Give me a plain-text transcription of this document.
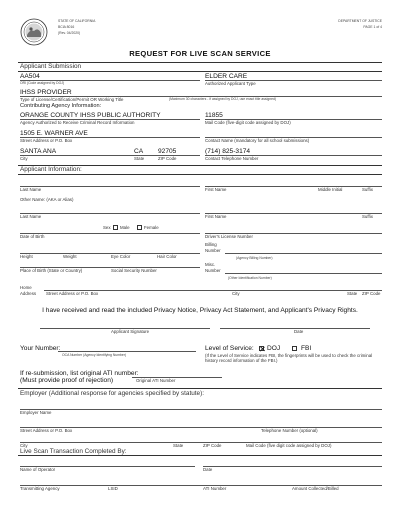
STATE OF CALIFORNIA
BCIA 8016
(Rev. 04/2020)
DEPARTMENT OF JUSTICE
PAGE 1 of 4
REQUEST FOR LIVE SCAN SERVICE
Applicant Submission
AA504
ORI (Code assigned by DOJ)
ELDER CARE
Authorized Applicant Type
IHSS PROVIDER
Type of License/Certification/Permit OR Working Title	(Maximum 30 characters - if assigned by DOJ, use exact title assigned)
Contributing Agency Information:
ORANGE COUNTY IHSS PUBLIC AUTHORITY
Agency Authorized to Receive Criminal Record Information
11855
Mail Code (five-digit code assigned by DOJ)
1505 E. WARNER AVE
Street Address or P.O. Box	Contact Name (mandatory for all school submissions)
SANTA ANA	CA 92705
City	State	ZIP Code
(714) 825-3174
Contact Telephone Number
Applicant Information:
Last Name	First Name	Middle Initial	Suffix
Other Name: (AKA or Alias)
Last Name	First Name	Suffix
Sex Male	Female
Date of Birth	Driver's License Number
Billing
Number
(Agency Billing Number)
Height	Weight	Eye Color	Hair Color
Misc.
Number
(Other Identification Number)
Place of Birth (State or Country)	Social Security Number
Home
Address Street Address or P.O. Box	City	State ZIP Code
I have received and read the included Privacy Notice, Privacy Act Statement, and Applicant's Privacy Rights.
Applicant Signature	Date
Your Number:
OCA Number (Agency Identifying Number)
Level of Service: DOJ	FBI
(If the Level of Service indicates FBI, the fingerprints will be used to check the criminal history record information of the FBI.)
If re-submission, list original ATI number:
(Must provide proof of rejection)	Original ATI Number
Employer (Additional response for agencies specified by statute):
Employer Name
Street Address or P.O. Box	Telephone Number (optional)
City	State	ZIP Code	Mail Code (five digit code assigned by DOJ)
Live Scan Transaction Completed By:
Name of Operator	Date
Transmitting Agency	LSID	ATI Number	Amount Collected/Billed
